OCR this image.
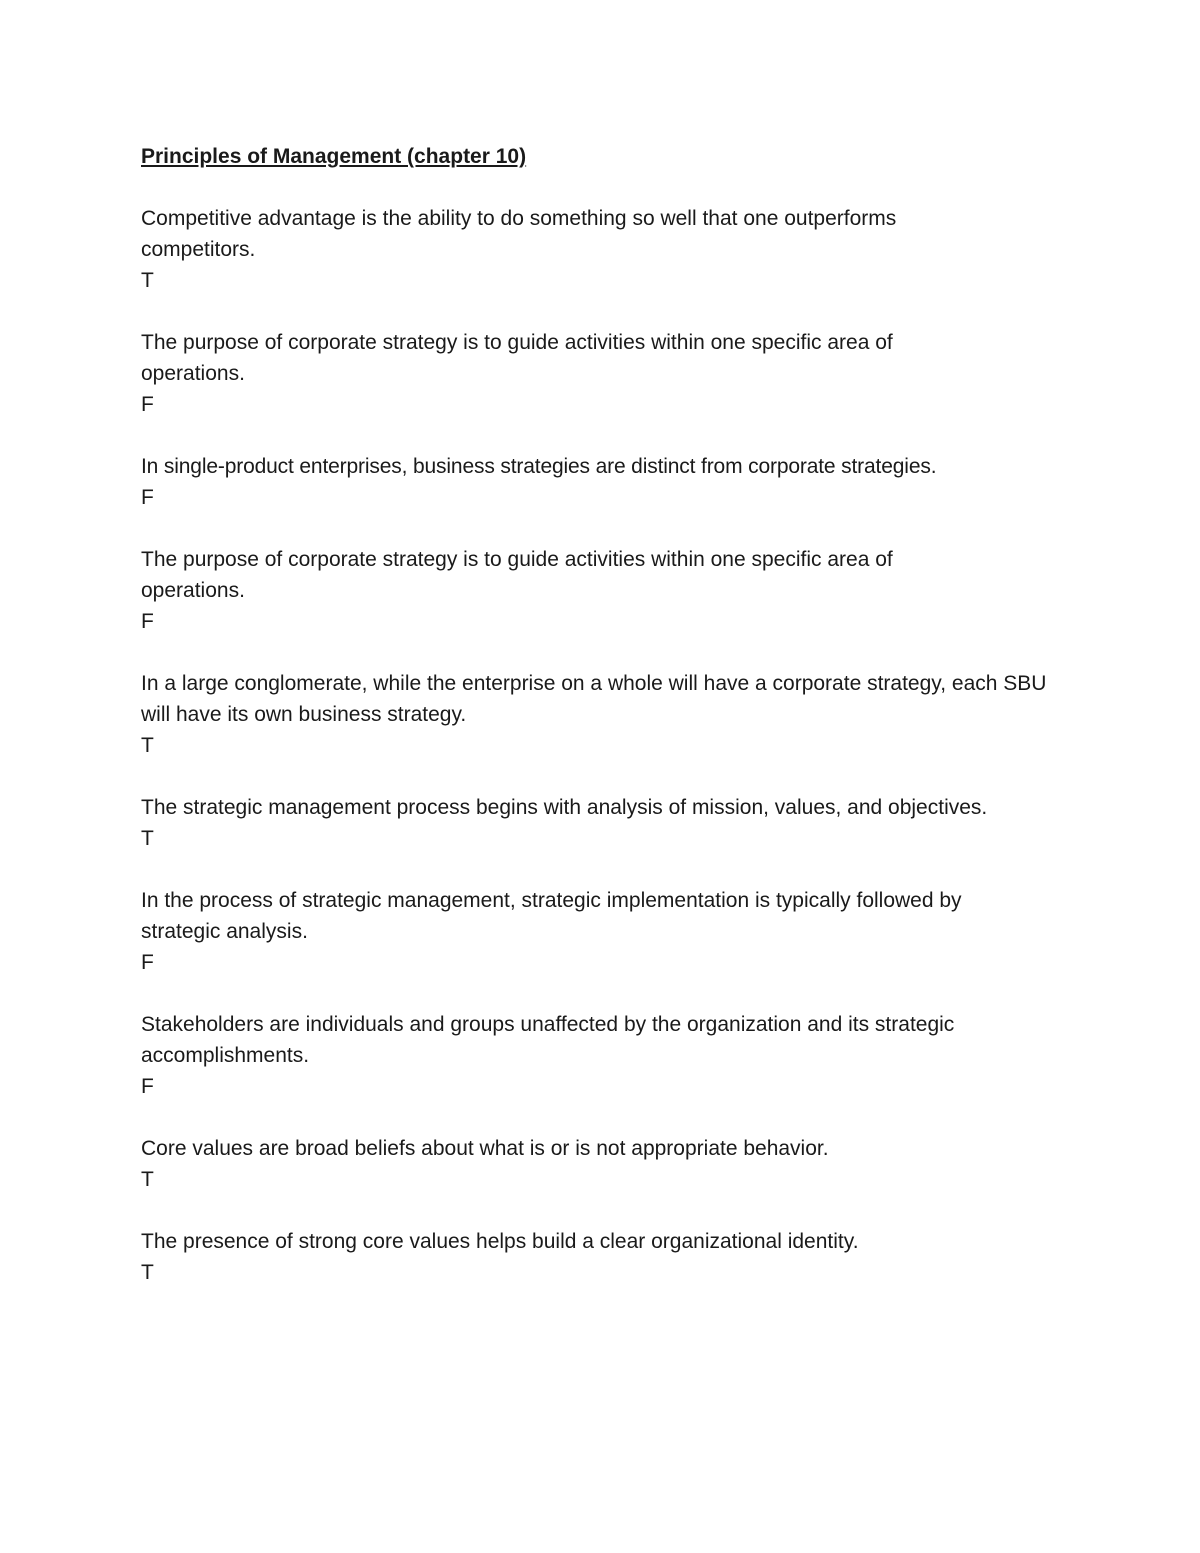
Principles of Management (chapter 10)

Competitive advantage is the ability to do something so well that one outperforms competitors.

T

The purpose of corporate strategy is to guide activities within one specific area of operations.

F

In single-product enterprises, business strategies are distinct from corporate strategies.

F

The purpose of corporate strategy is to guide activities within one specific area of operations.

F

In a large conglomerate, while the enterprise on a whole will have a corporate strategy, each SBU will have its own business strategy.

T

The strategic management process begins with analysis of mission, values, and objectives.

T

In the process of strategic management, strategic implementation is typically followed by strategic analysis.

F

Stakeholders are individuals and groups unaffected by the organization and its strategic accomplishments.

F

Core values are broad beliefs about what is or is not appropriate behavior.

T

The presence of strong core values helps build a clear organizational identity.

T
